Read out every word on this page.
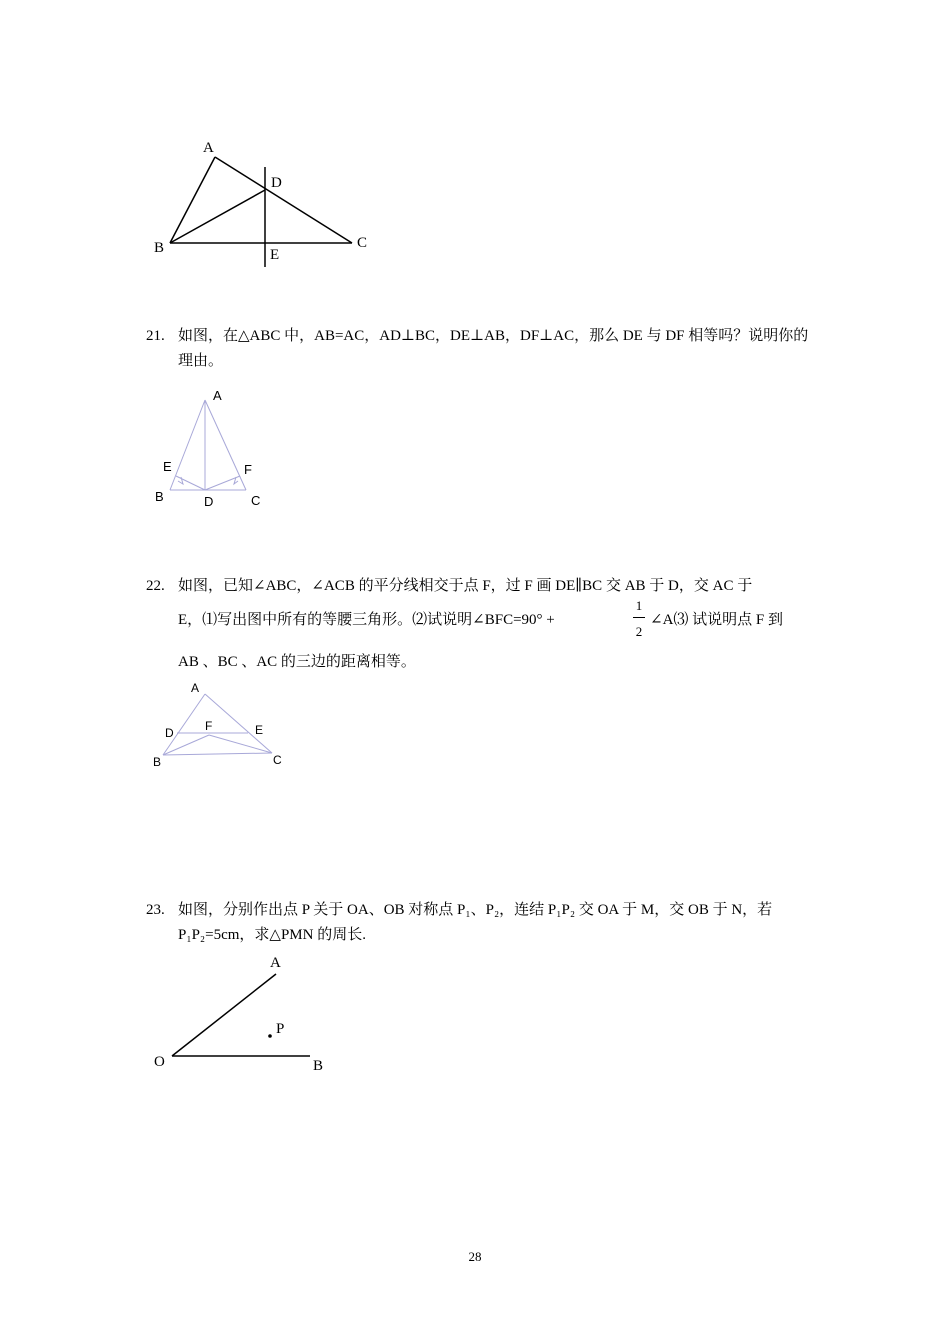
A
D
B	C
E
21. 如图，在△ABC 中，AB=AC，AD⊥BC，DE⊥AB，DF⊥AC，那么 DE 与 DF 相等吗？说明你的
理由。
A
E	F
B	D	C
22. 如图，已知∠ABC，∠ACB 的平分线相交于点 F，过 F 画 DE∥BC 交 AB 于 D，交 AC 于
E，⑴写出图中所有的等腰三角形。⑵试说明∠BFC=90° +
1
2
∠A⑶ 试说明点 F 到
AB 、BC 、AC 的三边的距离相等。
A
F
D	E
B	C
23. 如图，分别作出点 P 关于 OA、OB 对称点 P₁、P₂，连结 P₁P₂ 交 OA 于 M，交 OB 于 N，若
P₁P₂=5cm，求△PMN 的周长.
A
P
O	B
28
